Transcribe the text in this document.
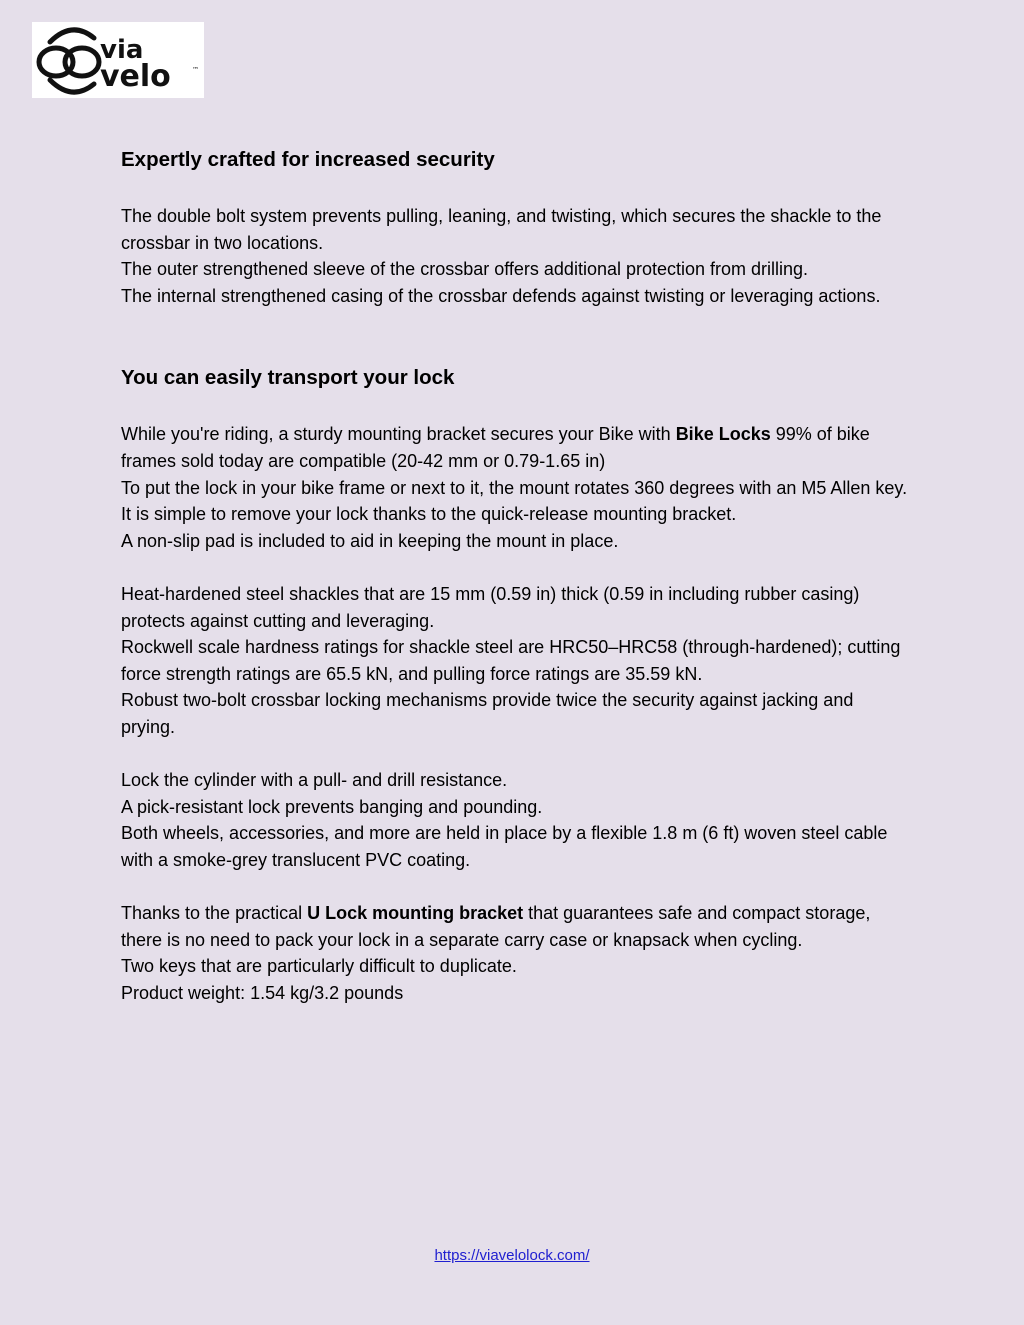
via
velo	™
Expertly crafted for increased security

The double bolt system prevents pulling, leaning, and twisting, which secures the shackle to the crossbar in two locations.

The outer strengthened sleeve of the crossbar offers additional protection from drilling.

The internal strengthened casing of the crossbar defends against twisting or leveraging actions.

You can easily transport your lock

While you're riding, a sturdy mounting bracket secures your Bike with Bike Locks 99% of bike frames sold today are compatible (20-42 mm or 0.79-1.65 in)

To put the lock in your bike frame or next to it, the mount rotates 360 degrees with an M5 Allen key.

It is simple to remove your lock thanks to the quick-release mounting bracket.

A non-slip pad is included to aid in keeping the mount in place.

Heat-hardened steel shackles that are 15 mm (0.59 in) thick (0.59 in including rubber casing) protects against cutting and leveraging.

Rockwell scale hardness ratings for shackle steel are HRC50–HRC58 (through-hardened); cutting force strength ratings are 65.5 kN, and pulling force ratings are 35.59 kN.

Robust two-bolt crossbar locking mechanisms provide twice the security against jacking and prying.

Lock the cylinder with a pull- and drill resistance.

A pick-resistant lock prevents banging and pounding.

Both wheels, accessories, and more are held in place by a flexible 1.8 m (6 ft) woven steel cable with a smoke-grey translucent PVC coating.

Thanks to the practical U Lock mounting bracket that guarantees safe and compact storage, there is no need to pack your lock in a separate carry case or knapsack when cycling.

Two keys that are particularly difficult to duplicate.

Product weight: 1.54 kg/3.2 pounds

https://viavelolock.com/
